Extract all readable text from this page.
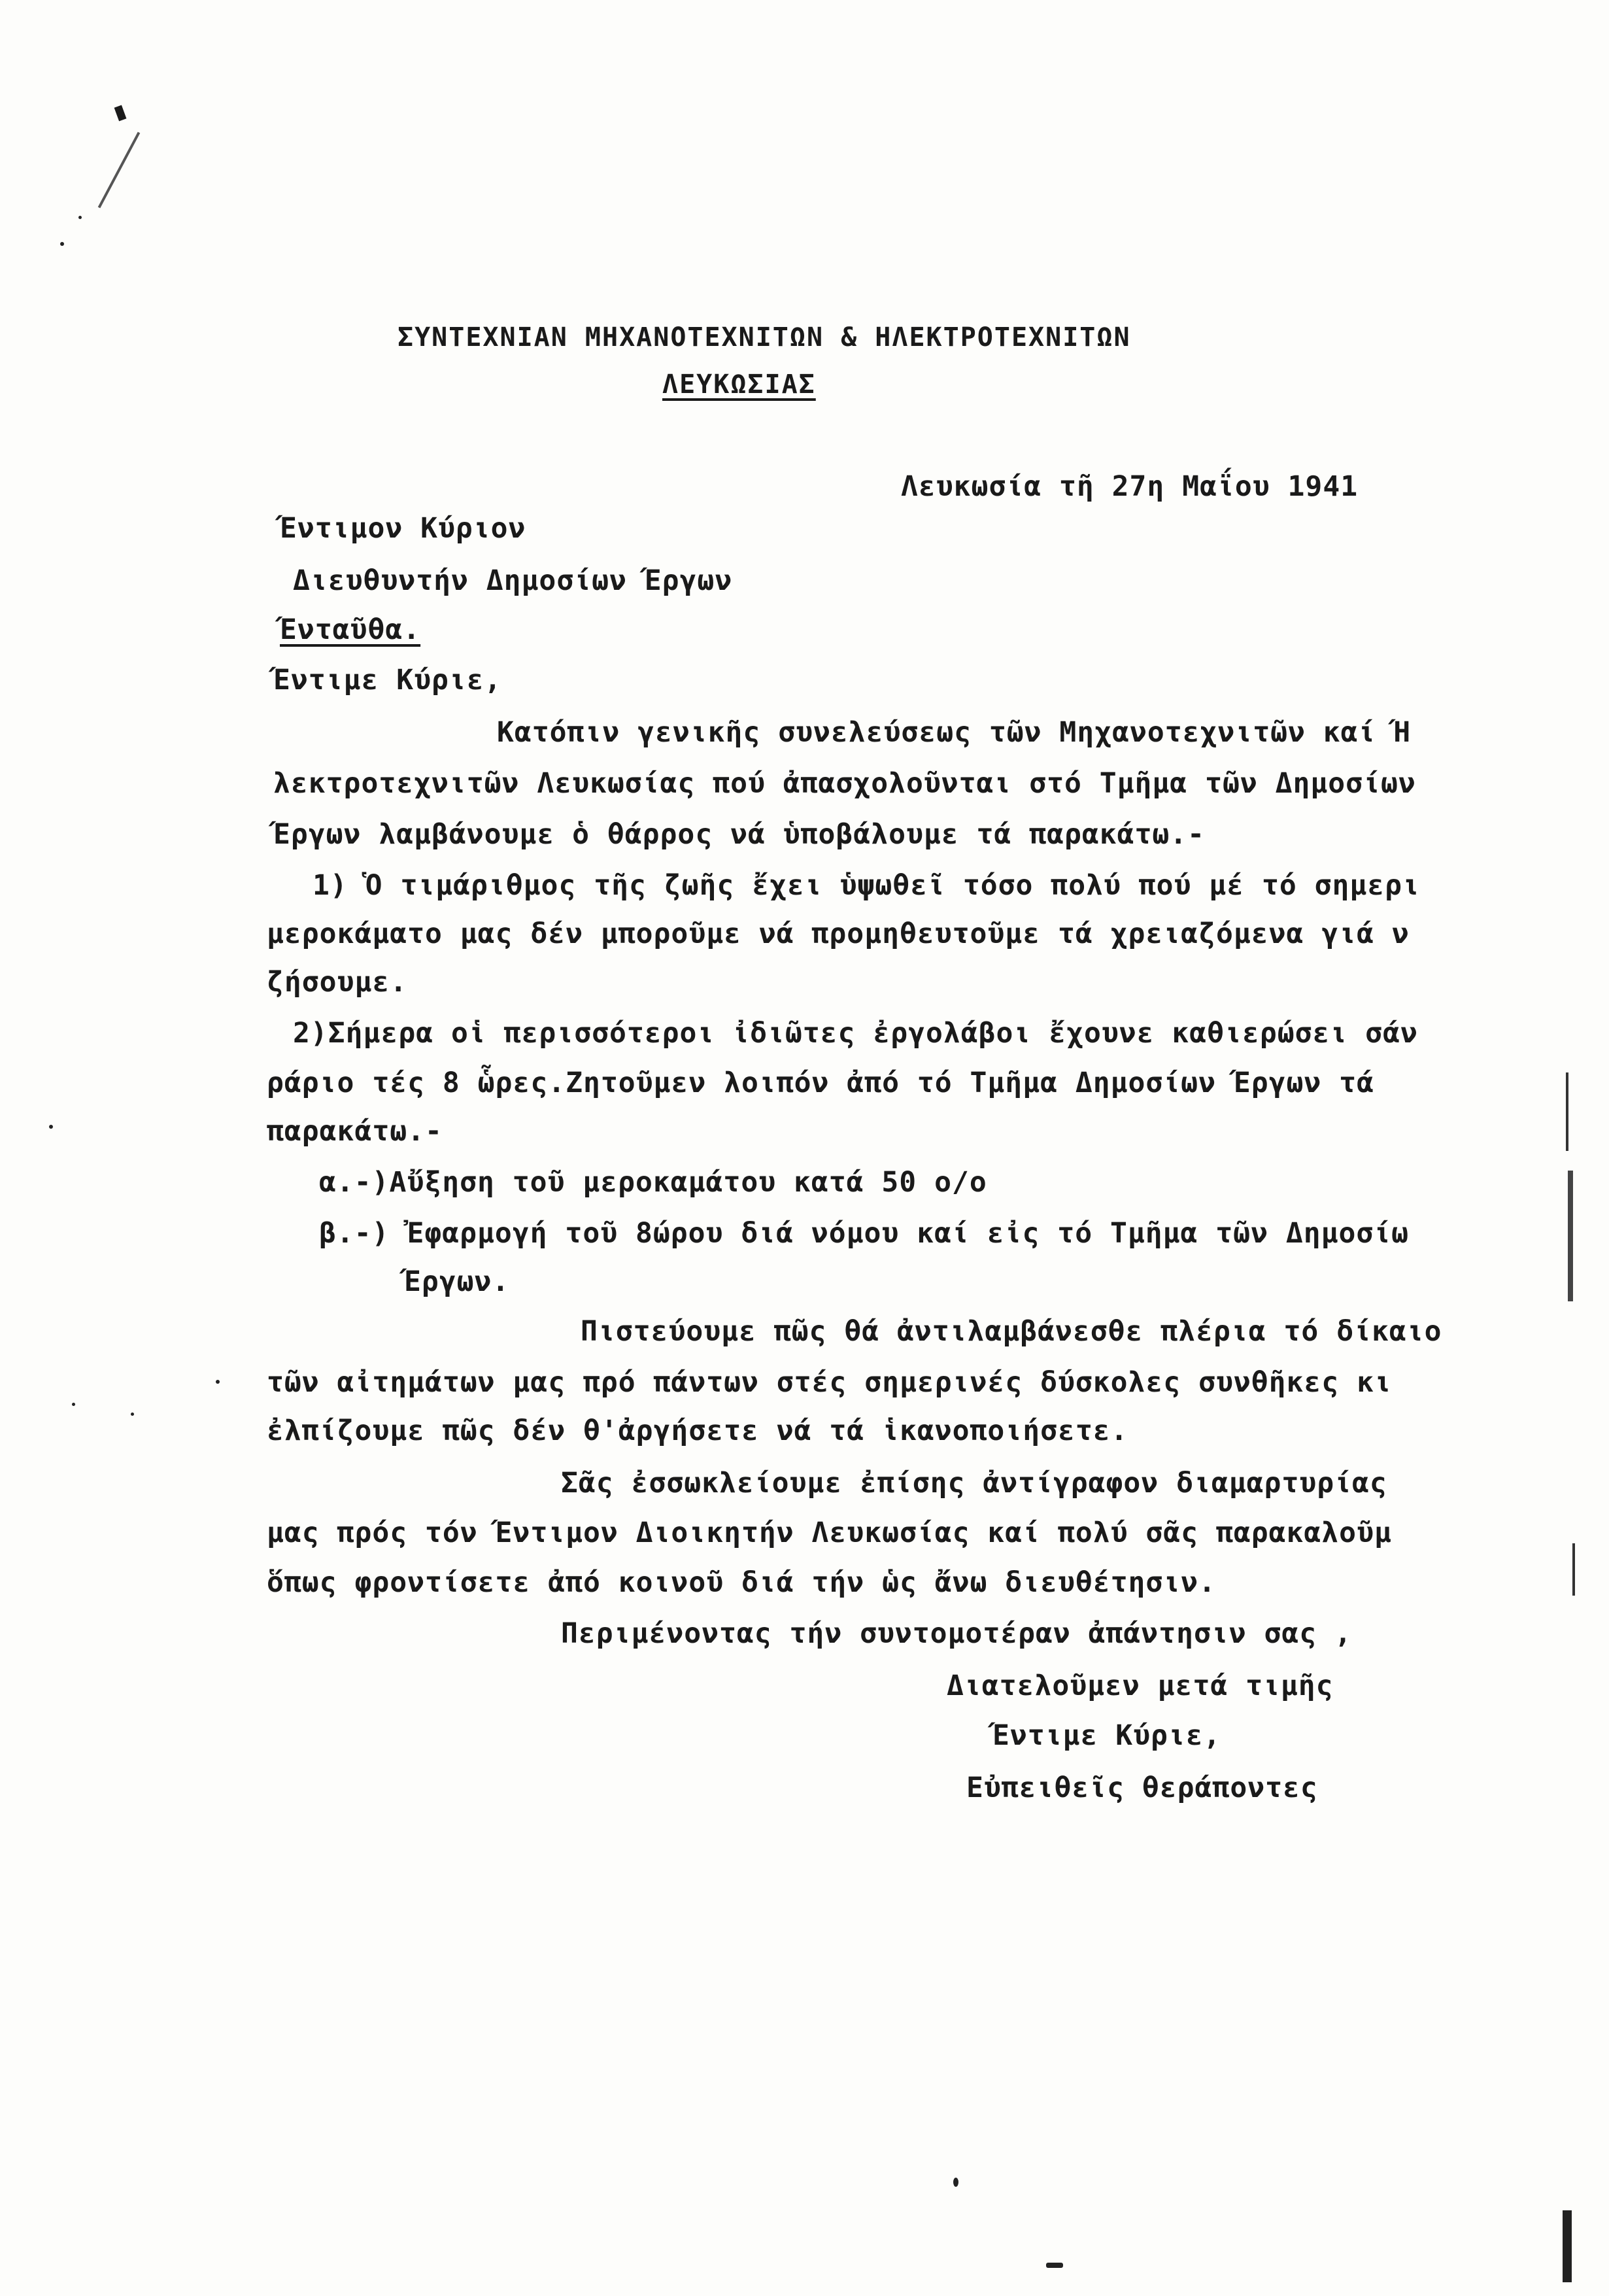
ΣΥΝΤΕΧΝΙΑΝ ΜΗΧΑΝΟΤΕΧΝΙΤΩΝ & ΗΛΕΚΤΡΟΤΕΧΝΙΤΩΝ
ΛΕΥΚΩΣΙΑΣ
Λευκωσία τῆ 27η Μαΐου 1941
Έντιμον Κύριον
Διευθυντήν Δημοσίων Έργων
Ένταῦθα.
Έντιμε Κύριε,
Κατόπιν γενικῆς συνελεύσεως τῶν Μηχανοτεχνιτῶν καί Ή
λεκτροτεχνιτῶν Λευκωσίας πού ἀπασχολοῦνται στό Τμῆμα τῶν Δημοσίων
Έργων λαμβάνουμε ὁ θάρρος νά ὑποβάλουμε τά παρακάτω.-
1) Ὁ τιμάριθμος τῆς ζωῆς ἔχει ὑψωθεῖ τόσο πολύ πού μέ τό σημερι
μεροκάματο μας δέν μποροῦμε νά προμηθευτοῦμε τά χρειαζόμενα γιά ν
ζήσουμε.
2)Σήμερα οἱ περισσότεροι ἰδιῶτες ἐργολάβοι ἔχουνε καθιερώσει σάν
ράριο τές 8 ὧρες.Ζητοῦμεν λοιπόν ἀπό τό Τμῆμα Δημοσίων Έργων τά
παρακάτω.-
α.-)Αὔξηση τοῦ μεροκαμάτου κατά 50 ο/ο
β.-) Ἐφαρμογή τοῦ 8ώρου διά νόμου καί εἰς τό Τμῆμα τῶν Δημοσίω
Έργων.
Πιστεύουμε πῶς θά ἀντιλαμβάνεσθε πλέρια τό δίκαιο
τῶν αἰτημάτων μας πρό πάντων στές σημερινές δύσκολες συνθῆκες κι
ἐλπίζουμε πῶς δέν θ'ἀργήσετε νά τά ἱκανοποιήσετε.
Σᾶς ἐσσωκλείουμε ἐπίσης ἀντίγραφον διαμαρτυρίας
μας πρός τόν Έντιμον Διοικητήν Λευκωσίας καί πολύ σᾶς παρακαλοῦμ
ὅπως φροντίσετε ἀπό κοινοῦ διά τήν ὡς ἄνω διευθέτησιν.
Περιμένοντας τήν συντομοτέραν ἀπάντησιν σας ,
Διατελοῦμεν μετά τιμῆς
Έντιμε Κύριε,
Εὐπειθεῖς θεράποντες
